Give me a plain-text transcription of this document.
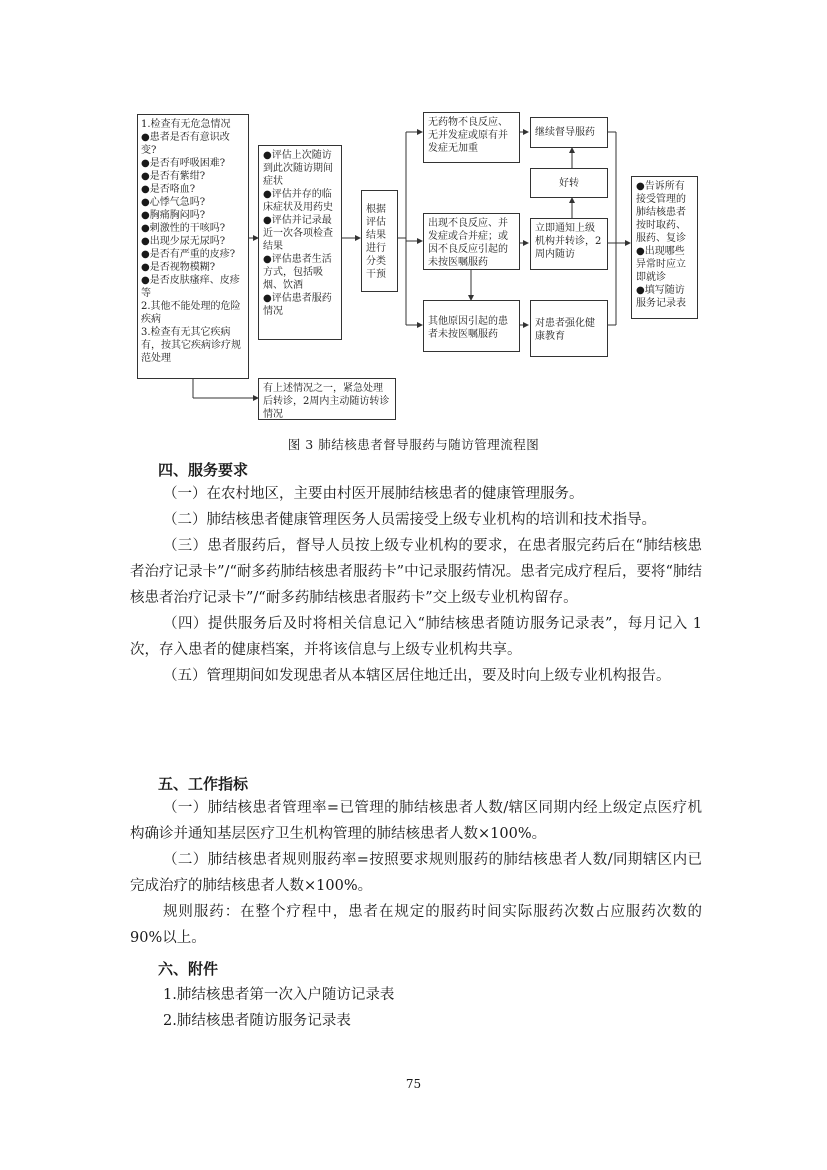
1.检查有无危急情况
●患者是否有意识改变?
●是否有呼吸困难?
●是否有紫绀?
●是否咯血?
●心悸气急吗?
●胸痛胸闷吗?
●剌激性的干咳吗?
●出现少尿无尿吗?
●是否有严重的皮疹?
●是否视物模糊?
●是否皮肤瘙痒、皮疹等
2.其他不能处理的危险疾病
3.检查有无其它疾病有，按其它疾病诊疗规范处理
有上述情况之一，紧急处理后转诊，2周内主动随访转诊情况
●评估上次随访到此次随访期间症状
●评估并存的临床症状及用药史
●评估并记录最近一次各项检查结果
●评估患者生活方式，包括吸烟、饮酒
●评估患者服药情况
根据评估结果进行分类干预
无药物不良反应、无并发症或原有并发症无加重
出现不良反应、并发症或合并症；或因不良反应引起的未按医嘱服药
其他原因引起的患者未按医嘱服药
继续督导服药
好转
立即通知上级机构并转诊，2周内随访
对患者强化健康教育
●告诉所有接受管理的肺结核患者按时取药、服药、复诊
●出现哪些异常时应立即就诊
●填写随访服务记录表
图 3 肺结核患者督导服药与随访管理流程图
四、服务要求

（一）在农村地区，主要由村医开展肺结核患者的健康管理服务。

（二）肺结核患者健康管理医务人员需接受上级专业机构的培训和技术指导。

（三）患者服药后，督导人员按上级专业机构的要求，在患者服完药后在“肺结核患者治疗记录卡”/“耐多药肺结核患者服药卡”中记录服药情况。患者完成疗程后，要将“肺结核患者治疗记录卡”/“耐多药肺结核患者服药卡”交上级专业机构留存。

（四）提供服务后及时将相关信息记入“肺结核患者随访服务记录表”，每月记入 1 次，存入患者的健康档案，并将该信息与上级专业机构共享。

（五）管理期间如发现患者从本辖区居住地迁出，要及时向上级专业机构报告。

五、工作指标

（一）肺结核患者管理率=已管理的肺结核患者人数/辖区同期内经上级定点医疗机构确诊并通知基层医疗卫生机构管理的肺结核患者人数×100%。

（二）肺结核患者规则服药率=按照要求规则服药的肺结核患者人数/同期辖区内已完成治疗的肺结核患者人数×100%。

规则服药：在整个疗程中，患者在规定的服药时间实际服药次数占应服药次数的 90%以上。

六、附件

1.肺结核患者第一次入户随访记录表

2.肺结核患者随访服务记录表

75
